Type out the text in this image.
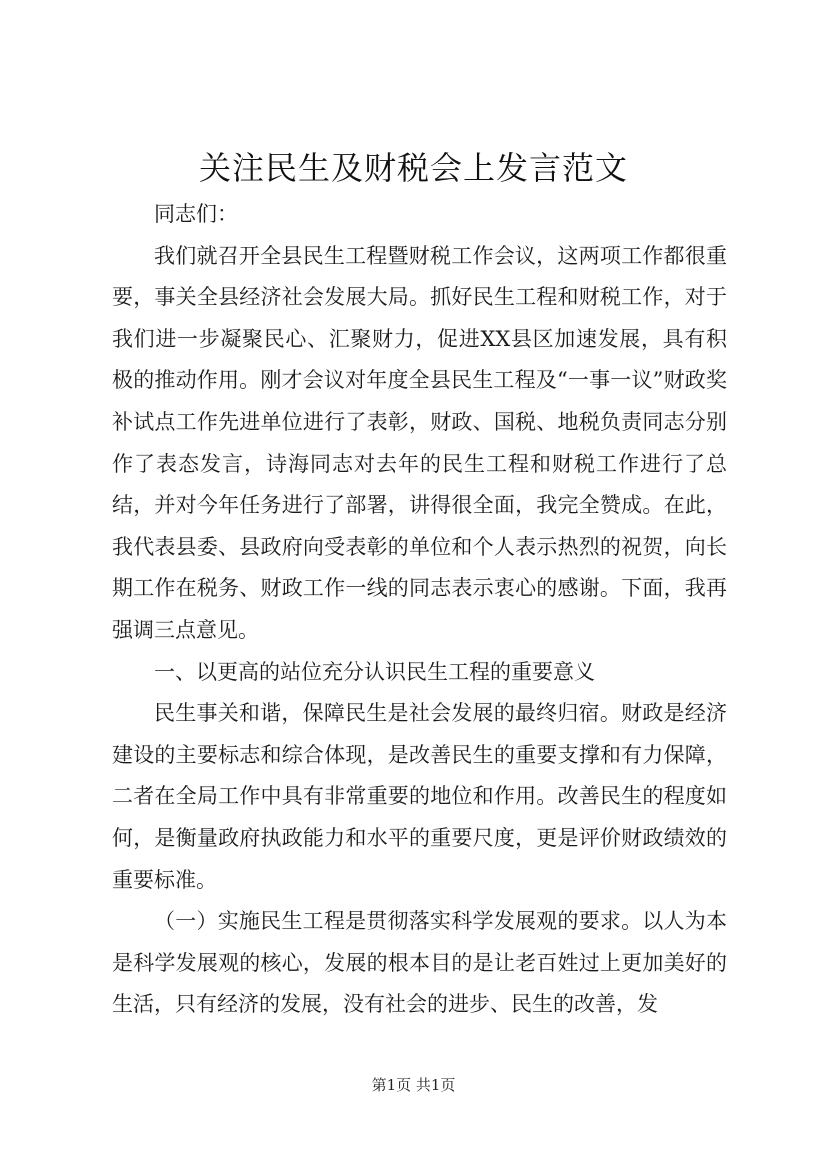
关注民生及财税会上发言范文

同志们：

我们就召开全县民生工程暨财税工作会议，这两项工作都很重要，事关全县经济社会发展大局。抓好民生工程和财税工作，对于我们进一步凝聚民心、汇聚财力，促进XX县区加速发展，具有积极的推动作用。刚才会议对年度全县民生工程及“一事一议”财政奖补试点工作先进单位进行了表彰，财政、国税、地税负责同志分别作了表态发言，诗海同志对去年的民生工程和财税工作进行了总结，并对今年任务进行了部署，讲得很全面，我完全赞成。在此，我代表县委、县政府向受表彰的单位和个人表示热烈的祝贺，向长期工作在税务、财政工作一线的同志表示衷心的感谢。下面，我再强调三点意见。

一、以更高的站位充分认识民生工程的重要意义

民生事关和谐，保障民生是社会发展的最终归宿。财政是经济建设的主要标志和综合体现，是改善民生的重要支撑和有力保障，二者在全局工作中具有非常重要的地位和作用。改善民生的程度如何，是衡量政府执政能力和水平的重要尺度，更是评价财政绩效的重要标准。

（一）实施民生工程是贯彻落实科学发展观的要求。以人为本是科学发展观的核心，发展的根本目的是让老百姓过上更加美好的生活，只有经济的发展，没有社会的进步、民生的改善，发

第1页 共1页
